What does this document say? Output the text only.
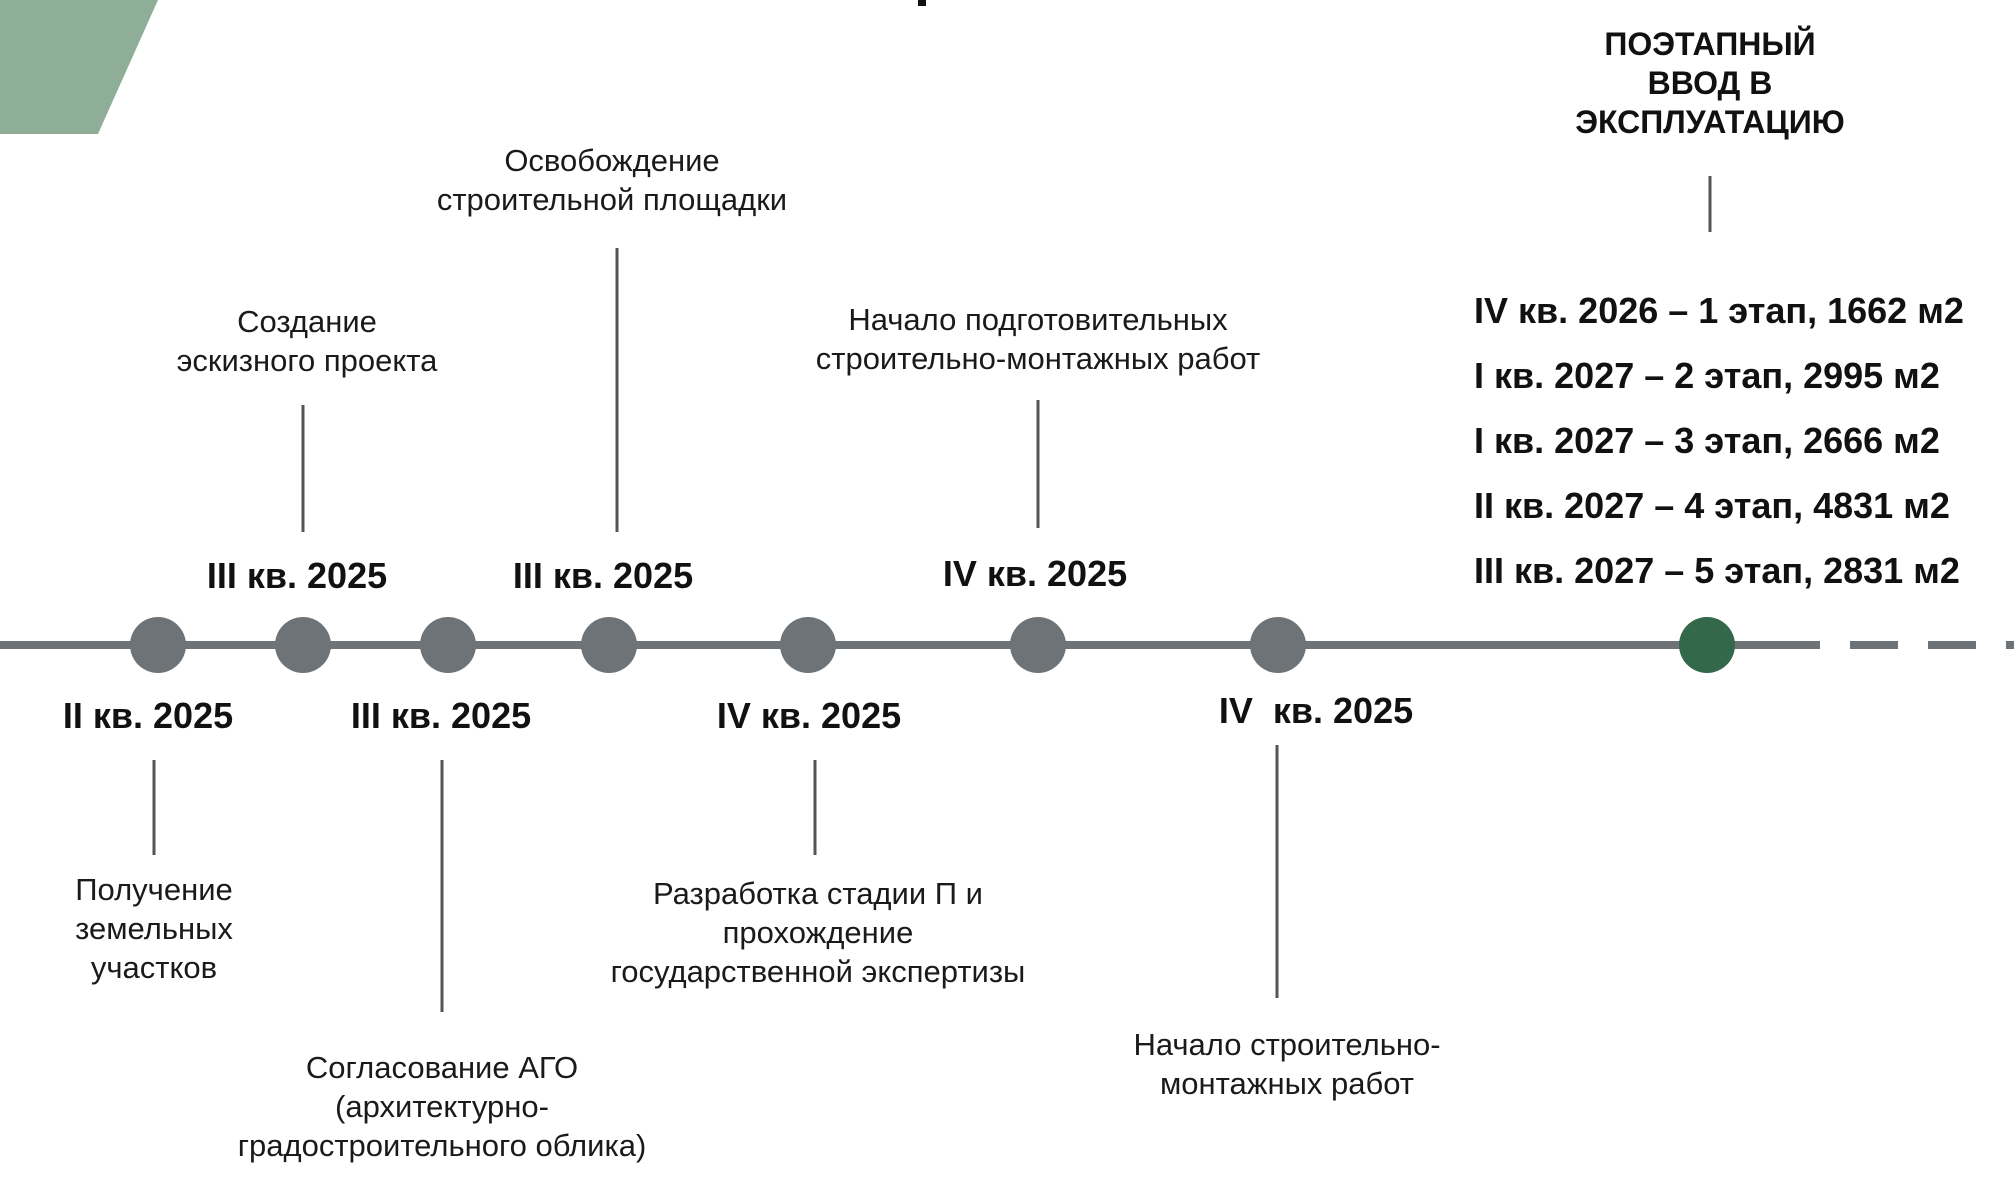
II кв. 2025
III кв. 2025
III кв. 2025
III кв. 2025
IV кв. 2025
IV кв. 2025
IV  кв. 2025
Получение
земельных
участков
Создание
эскизного проекта
Согласование АГО
(архитектурно-
градостроительного облика)
Освобождение
строительной площадки
Разработка стадии П и
прохождение
государственной экспертизы
Начало подготовительных
строительно-монтажных работ
Начало строительно-
монтажных работ
ПОЭТАПНЫЙ
ВВОД В
ЭКСПЛУАТАЦИЮ
IV кв. 2026 – 1 этап, 1662 м2
I кв. 2027 – 2 этап, 2995 м2
I кв. 2027 – 3 этап, 2666 м2
II кв. 2027 – 4 этап, 4831 м2
III кв. 2027 – 5 этап, 2831 м2
